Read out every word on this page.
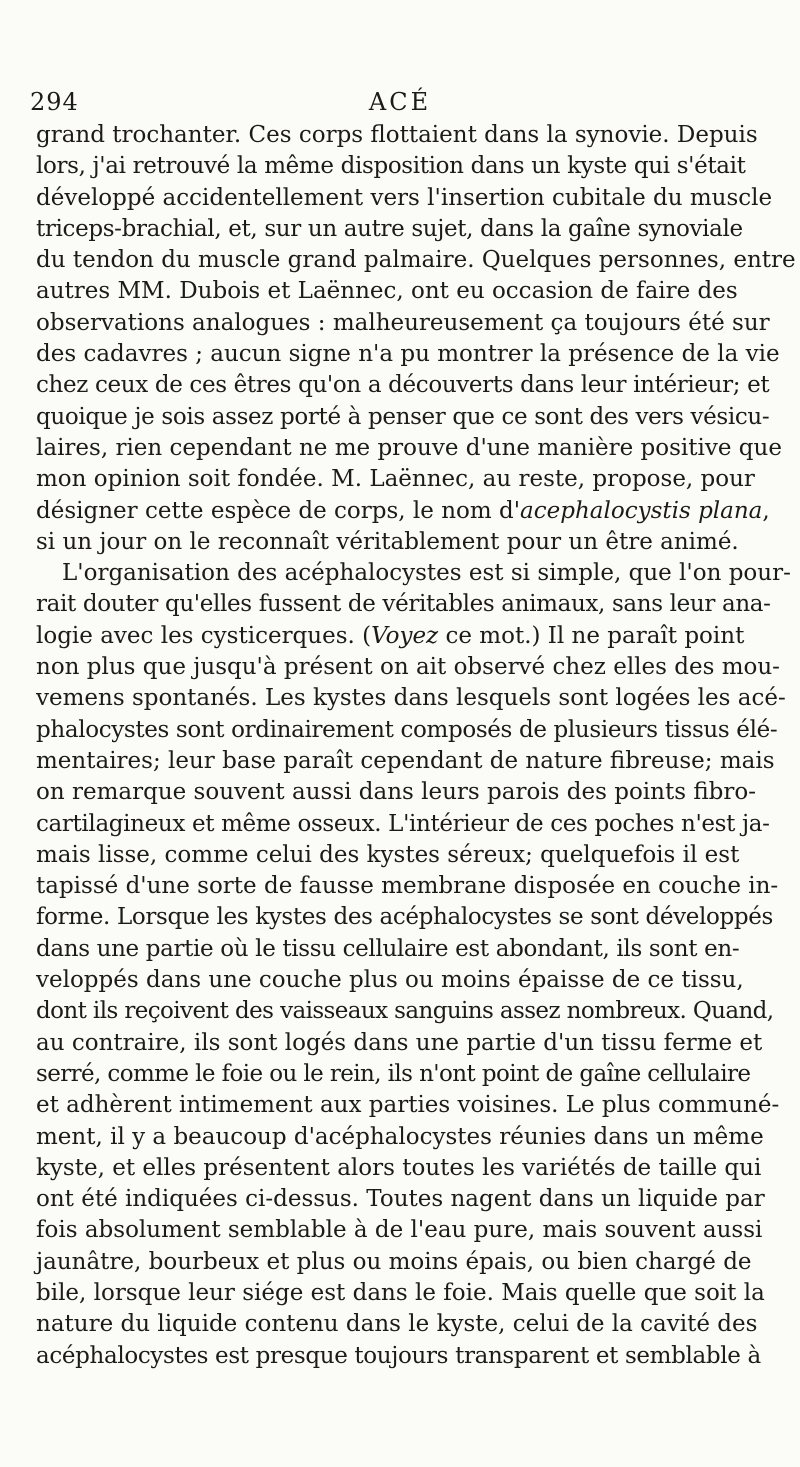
294	ACÉ
grand trochanter. Ces corps flottaient dans la synovie. Depuis
lors, j'ai retrouvé la même disposition dans un kyste qui s'était
développé accidentellement vers l'insertion cubitale du muscle
triceps-brachial, et, sur un autre sujet, dans la gaîne synoviale
du tendon du muscle grand palmaire. Quelques personnes, entre
autres MM. Dubois et Laënnec, ont eu occasion de faire des
observations analogues : malheureusement ça toujours été sur
des cadavres ; aucun signe n'a pu montrer la présence de la vie
chez ceux de ces êtres qu'on a découverts dans leur intérieur; et
quoique je sois assez porté à penser que ce sont des vers vésicu-
laires, rien cependant ne me prouve d'une manière positive que
mon opinion soit fondée. M. Laënnec, au reste, propose, pour
désigner cette espèce de corps, le nom d'acephalocystis plana,
si un jour on le reconnaît véritablement pour un être animé.
L'organisation des acéphalocystes est si simple, que l'on pour-
rait douter qu'elles fussent de véritables animaux, sans leur ana-
logie avec les cysticerques. (Voyez ce mot.) Il ne paraît point
non plus que jusqu'à présent on ait observé chez elles des mou-
vemens spontanés. Les kystes dans lesquels sont logées les acé-
phalocystes sont ordinairement composés de plusieurs tissus élé-
mentaires; leur base paraît cependant de nature fibreuse; mais
on remarque souvent aussi dans leurs parois des points fibro-
cartilagineux et même osseux. L'intérieur de ces poches n'est ja-
mais lisse, comme celui des kystes séreux; quelquefois il est
tapissé d'une sorte de fausse membrane disposée en couche in-
forme. Lorsque les kystes des acéphalocystes se sont développés
dans une partie où le tissu cellulaire est abondant, ils sont en-
veloppés dans une couche plus ou moins épaisse de ce tissu,
dont ils reçoivent des vaisseaux sanguins assez nombreux. Quand,
au contraire, ils sont logés dans une partie d'un tissu ferme et
serré, comme le foie ou le rein, ils n'ont point de gaîne cellulaire
et adhèrent intimement aux parties voisines. Le plus communé-
ment, il y a beaucoup d'acéphalocystes réunies dans un même
kyste, et elles présentent alors toutes les variétés de taille qui
ont été indiquées ci-dessus. Toutes nagent dans un liquide par
fois absolument semblable à de l'eau pure, mais souvent aussi
jaunâtre, bourbeux et plus ou moins épais, ou bien chargé de
bile, lorsque leur siége est dans le foie. Mais quelle que soit la
nature du liquide contenu dans le kyste, celui de la cavité des
acéphalocystes est presque toujours transparent et semblable à
